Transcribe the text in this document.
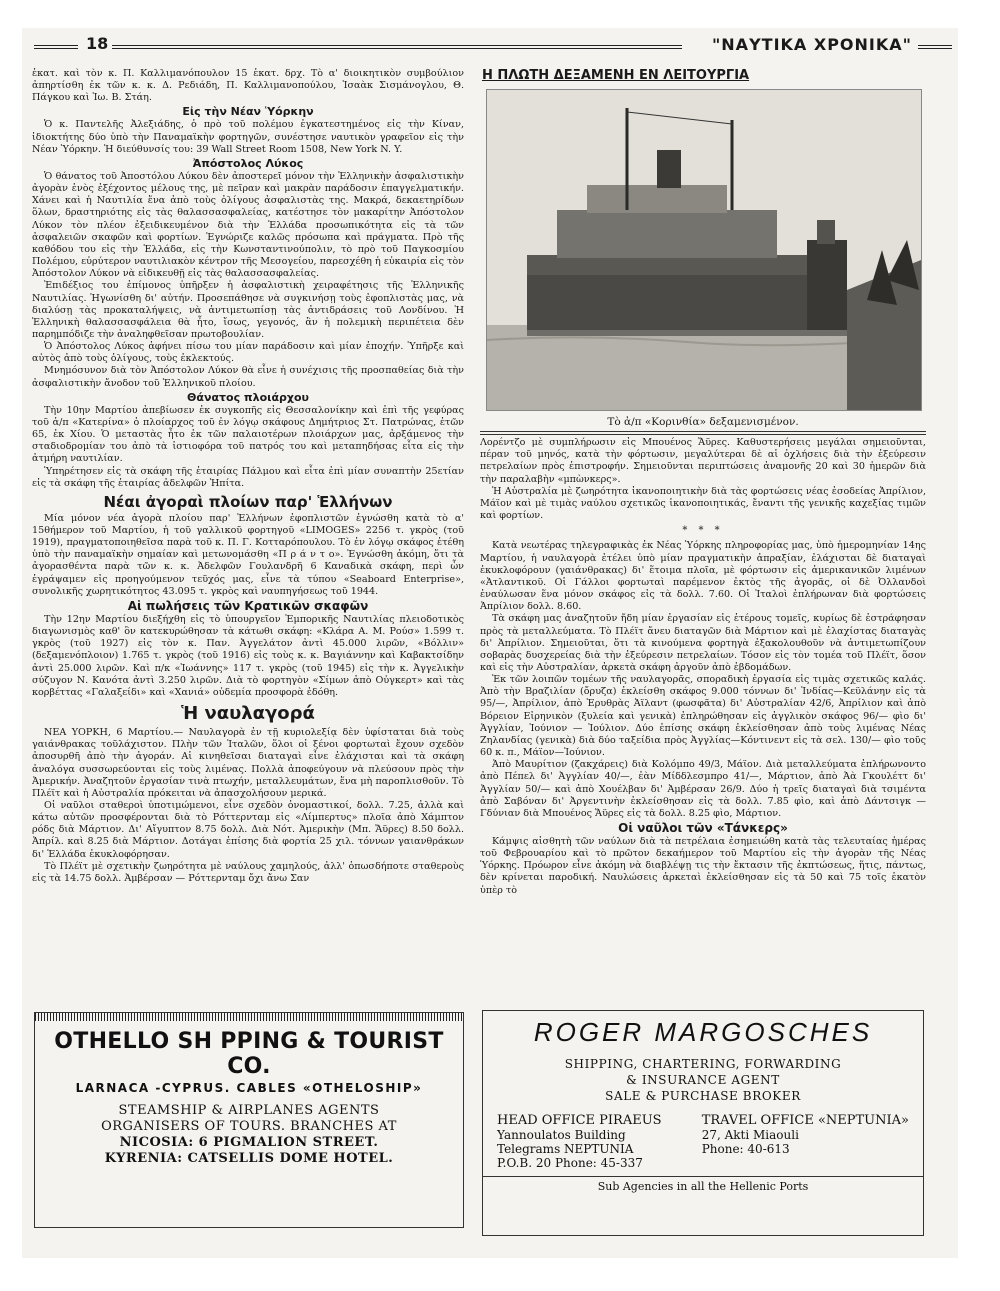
18	"ΝΑΥΤΙΚΑ ΧΡΟΝΙΚΑ"

ἑκατ. καὶ τὸν κ. Π. Καλλιμανόπουλον 15 ἑκατ. δρχ. Τὸ α' διοικητικὸν συμβούλιον ἀπηρτίσθη ἐκ τῶν κ. κ. Δ. Ρεδιάδη, Π. Καλλιμανοπούλου, Ἰσαὰκ Σισμάνογλου, Θ. Πάγκου καὶ Ἰω. Β. Στάη.

Εἰς τὴν Νέαν Ὑόρκην

Ὁ κ. Παντελῆς Ἀλεξιάδης, ὁ πρὸ τοῦ πολέμου ἐγκατεστημένος εἰς τὴν Κίναν, ἰδιοκτήτης δύο ὑπὸ τὴν Παναμαϊκὴν φορτηγῶν, συνέστησε ναυτικὸν γραφεῖον εἰς τὴν Νέαν Ὑόρκην. Ἡ διεύθυνσίς του: 39 Wall Street Room 1508, New York N. Y.

Ἀπόστολος Λύκος

Ὁ θάνατος τοῦ Ἀποστόλου Λύκου δὲν ἀποστερεῖ μόνον τὴν Ἑλληνικὴν ἀσφαλιστικὴν ἀγορὰν ἑνὸς ἐξέχοντος μέλους της, μὲ πεῖραν καὶ μακρὰν παράδοσιν ἐπαγγελματικήν. Χάνει καὶ ἡ Ναυτιλία ἕνα ἀπὸ τοὺς ὀλίγους ἀσφαλιστὰς της. Μακρά, δεκαετηρίδων ὅλων, δραστηριότης εἰς τὰς θαλασσασφαλείας, κατέστησε τὸν μακαρίτην Ἀπόστολον Λύκον τὸν πλέον ἐξειδικευμένον διὰ τὴν Ἑλλάδα προσωπικότητα εἰς τὰ τῶν ἀσφαλειῶν σκαφῶν καὶ φορτίων. Ἐγνώριζε καλῶς πρόσωπα καὶ πράγματα. Πρὸ τῆς καθόδου του εἰς τὴν Ἑλλάδα, εἰς τὴν Κωνσταντινούπολιν, τὸ πρὸ τοῦ Παγκοσμίου Πολέμου, εὐρύτερον ναυτιλιακὸν κέντρον τῆς Μεσογείου, παρεσχέθη ἡ εὐκαιρία εἰς τὸν Ἀπόστολον Λύκον νὰ εἰδικευθῇ εἰς τὰς θαλασσασφαλείας.

Ἐπιδέξιος του ἐπίμονος ὑπῆρξεν ἡ ἀσφαλιστικὴ χειραφέτησις τῆς Ἑλληνικῆς Ναυτιλίας. Ἠγωνίσθη δι' αὐτήν. Προσεπάθησε νὰ συγκινήσῃ τοὺς ἐφοπλιστὰς μας, νὰ διαλύσῃ τὰς προκαταλήψεις, νὰ ἀντιμετωπίσῃ τὰς ἀντιδράσεις τοῦ Λονδίνου. Ἡ Ἑλληνικὴ θαλασσασφάλεια θὰ ἦτο, ἴσως, γεγονός, ἂν ἡ πολεμικὴ περιπέτεια δὲν παρημπόδιζε τὴν ἀναληφθεῖσαν πρωτοβουλίαν.

Ὁ Ἀπόστολος Λύκος ἀφήνει πίσω του μίαν παράδοσιν καὶ μίαν ἐποχήν. Ὑπῆρξε καὶ αὐτὸς ἀπὸ τοὺς ὀλίγους, τοὺς ἐκλεκτούς.

Μνημόσυνον διὰ τὸν Ἀπόστολον Λύκον θὰ εἶνε ἡ συνέχισις τῆς προσπαθείας διὰ τὴν ἀσφαλιστικὴν ἄνοδον τοῦ Ἑλληνικοῦ πλοίου.

Θάνατος πλοιάρχου

Τὴν 10ην Μαρτίου ἀπεβίωσεν ἐκ συγκοπῆς εἰς Θεσσαλονίκην καὶ ἐπὶ τῆς γεφύρας τοῦ ἀ/π «Κατερίνα» ὁ πλοίαρχος τοῦ ἐν λόγῳ σκάφους Δημήτριος Στ. Πατρώνας, ἐτῶν 65, ἐκ Χίου. Ὁ μεταστὰς ἦτο ἐκ τῶν παλαιοτέρων πλοιάρχων μας, ἀρξάμενος τὴν σταδιοδρομίαν του ἀπὸ τὰ ἱστιοφόρα τοῦ πατρός του καὶ μεταπηδήσας εἶτα εἰς τὴν ἀτμήρη ναυτιλίαν.

Ὑπηρέτησεν εἰς τὰ σκάφη τῆς ἑταιρίας Πάλμου καὶ εἶτα ἐπὶ μίαν συναπτὴν 25ετίαν εἰς τὰ σκάφη τῆς ἑταιρίας ἀδελφῶν Ἠπίτα.

Νέαι ἀγοραὶ πλοίων παρ' Ἑλλήνων

Μία μόνον νέα ἀγορὰ πλοίου παρ' Ἑλλήνων ἐφοπλιστῶν ἐγνώσθη κατὰ τὸ α' 15θήμερον τοῦ Μαρτίου, ἡ τοῦ γαλλικοῦ φορτηγοῦ «LIMOGES» 2256 τ. γκρὸς (τοῦ 1919), πραγματοποιηθεῖσα παρὰ τοῦ κ. Π. Γ. Κοτταρόπουλου. Τὸ ἐν λόγῳ σκάφος ἐτέθη ὑπὸ τὴν παναμαϊκὴν σημαίαν καὶ μετωνομάσθη «Π ρ ά ν τ ο». Ἐγνώσθη ἀκόμη, ὅτι τὰ ἀγορασθέντα παρὰ τῶν κ. κ. Ἀδελφῶν Γουλανδρῆ 6 Καναδικὰ σκάφη, περὶ ὧν ἐγράψαμεν εἰς προηγούμενον τεῦχός μας, εἶνε τὰ τύπου «Seaboard Enterprise», συνολικῆς χωρητικότητος 43.095 τ. γκρὸς καὶ ναυπηγήσεως τοῦ 1944.

Αἱ πωλήσεις τῶν Κρατικῶν σκαφῶν

Τὴν 12ην Μαρτίου διεξήχθη εἰς τὸ ὑπουργεῖον Ἐμπορικῆς Ναυτιλίας πλειοδοτικὸς διαγωνισμὸς καθ' ὃν κατεκυρώθησαν τὰ κάτωθι σκάφη: «Κλάρα Α. Μ. Ρούσ» 1.599 τ. γκρὸς (τοῦ 1927) εἰς τὸν κ. Παν. Ἀγγελάτον ἀντὶ 45.000 λιρῶν, «Βόλλιν» (δεξαμενόπλοιον) 1.765 τ. γκρὸς (τοῦ 1916) εἰς τοὺς κ. κ. Βαγιάννην καὶ Καβακτσίδην ἀντὶ 25.000 λιρῶν. Καὶ π/κ «Ἰωάννης» 117 τ. γκρὸς (τοῦ 1945) εἰς τὴν κ. Ἀγγελικὴν σύζυγον Ν. Κανότα ἀντὶ 3.250 λιρῶν. Διὰ τὸ φορτηγὸν «Σίμων ἀπὸ Οὐγκερτ» καὶ τὰς κορβέττας «Γαλαξείδι» καὶ «Χανιά» οὐδεμία προσφορὰ ἐδόθη.

Ἡ ναυλαγορά

ΝΕΑ ΥΟΡΚΗ, 6 Μαρτίου.— Ναυλαγορὰ ἐν τῇ κυριολεξίᾳ δὲν ὑφίσταται διὰ τοὺς γαιάνθρακας τοῦλάχιστον. Πλὴν τῶν Ἰταλῶν, ὅλοι οἱ ξένοι φορτωταὶ ἔχουν σχεδὸν ἀποσυρθῆ ἀπὸ τὴν ἀγοράν. Αἱ κινηθεῖσαι διαταγαὶ εἶνε ἐλάχισται καὶ τὰ σκάφη ἀναλόγα συσσωρεύονται εἰς τοὺς λιμένας. Πολλὰ ἀποφεύγουν νὰ πλεύσουν πρὸς τὴν Ἀμερικήν. Ἀναζητοῦν ἐργασίαν τινὰ πτωχήν, μεταλλευμάτων, ἕνα μὴ παροπλισθοῦν. Τὸ Πλέϊτ καὶ ἡ Αὐστραλία πρόκειται νὰ ἀπασχολήσουν μερικά.

Οἱ ναῦλοι σταθεροὶ ὑποτιμώμενοι, εἶνε σχεδὸν ὀνομαστικοί, δολλ. 7.25, ἀλλὰ καὶ κάτω αὐτῶν προσφέρονται διὰ τὸ Ρόττερνταμ εἰς «Λίμπερτυς» πλοῖα ἀπὸ Χάμπτον ρόδς διὰ Μάρτιον. Δι' Αἴγυπτον 8.75 δολλ. Διὰ Νότ. Ἀμερικὴν (Μπ. Ἄϋρες) 8.50 δολλ. Ἀπρίλ. καὶ 8.25 διὰ Μάρτιον. Δοτάγαι ἐπίσης διὰ φορτία 25 χιλ. τόννων γαιανθράκων δι' Ἑλλάδα ἐκυκλοφόρησαν.

Τὸ Πλέϊτ μὲ σχετικὴν ζωηρότητα μὲ ναύλους χαμηλούς, ἀλλ' ὁπωσδήποτε σταθεροὺς εἰς τὰ 14.75 δολλ. Ἀμβέρσαν — Ρόττερνταμ ὄχι ἄνω Σαν

Η ΠΛΩΤΗ ΔΕΞΑΜΕΝΗ ΕΝ ΛΕΙΤΟΥΡΓΙΑ
Τὸ ἀ/π «Κορινθία» δεξαμενισμένον.

Λορέντζο μὲ συμπλήρωσιν εἰς Μπουένος Ἄϋρες. Καθυστερήσεις μεγάλαι σημειοῦνται, πέραν τοῦ μηνός, κατὰ τὴν φόρτωσιν, μεγαλύτεραι δὲ αἱ ὀχλήσεις διὰ τὴν ἐξεύρεσιν πετρελαίων πρὸς ἐπιστροφήν. Σημειοῦνται περιπτώσεις ἀναμονῆς 20 καὶ 30 ἡμερῶν διὰ τὴν παραλαβὴν «μπὼνκερς».

Ἡ Αὐστραλία μὲ ζωηρότητα ἱκανοποιητικὴν διὰ τὰς φορτώσεις νέας ἐσοδείας Ἀπρίλιον, Μάϊον καὶ μὲ τιμὰς ναύλου σχετικῶς ἱκανοποιητικάς, ἔναντι τῆς γενικῆς καχεξίας τιμῶν καὶ φορτίων.

* * *

Κατὰ νεωτέρας τηλεγραφικὰς ἐκ Νέας Ὑόρκης πληροφορίας μας, ὑπὸ ἡμερομηνίαν 14ης Μαρτίου, ἡ ναυλαγορὰ ἐτέλει ὑπὸ μίαν πραγματικὴν ἀπραξίαν, ἐλάχισται δὲ διαταγαὶ ἐκυκλοφόρουν (γαιάνθρακας) δι' ἕτοιμα πλοῖα, μὲ φόρτωσιν εἰς ἀμερικανικῶν λιμένων «Ἀτλαντικοῦ. Οἱ Γάλλοι φορτωταὶ παρέμενον ἐκτὸς τῆς ἀγορᾶς, οἱ δὲ Ὀλλανδοὶ ἐναύλωσαν ἕνα μόνον σκάφος εἰς τὰ δολλ. 7.60. Οἱ Ἰταλοὶ ἐπλήρωναν διὰ φορτώσεις Ἀπρίλιον δολλ. 8.60.

Τὰ σκάφη μας ἀναζητοῦν ἤδη μίαν ἐργασίαν εἰς ἑτέρους τομεῖς, κυρίως δὲ ἐστράφησαν πρὸς τὰ μεταλλεύματα. Τὸ Πλέϊτ ἄνευ διαταγῶν διὰ Μάρτιον καὶ μὲ ἐλαχίστας διαταγὰς δι' Ἀπρίλιον. Σημειοῦται, ὅτι τὰ κινούμενα φορτηγὰ ἐξακολουθοῦν νὰ ἀντιμετωπίζουν σοβαρὰς δυσχερείας διὰ τὴν ἐξεύρεσιν πετρελαίων. Τόσον εἰς τὸν τομέα τοῦ Πλέϊτ, ὅσον καὶ εἰς τὴν Αὐστραλίαν, ἀρκετὰ σκάφη ἀργοῦν ἀπὸ ἑβδομάδων.

Ἐκ τῶν λοιπῶν τομέων τῆς ναυλαγορᾶς, σποραδικὴ ἐργασία εἰς τιμὰς σχετικῶς καλάς. Ἀπὸ τὴν Βραζιλίαν (ὄρυζα) ἐκλείσθη σκάφος 9.000 τόννων δι' Ἰνδίας—Κεϋλάνην εἰς τὰ 95/—, Ἀπρίλιον, ἀπὸ Ἐρυθρὰς Ἀϊλαντ (φωσφᾶτα) δι' Αὐστραλίαν 42/6, Ἀπρίλιον καὶ ἀπὸ Βόρειον Εἰρηνικὸν (ξυλεία καὶ γενικὰ) ἐπληρώθησαν εἰς ἀγγλικὸν σκάφος 96/— φὶο δι' Ἀγγλίαν, Ἰούνιον — Ἰούλιον. Δύο ἐπίσης σκάφη ἐκλείσθησαν ἀπὸ τοὺς λιμένας Νέας Ζηλανδίας (γενικὰ) διὰ δύο ταξείδια πρὸς Ἀγγλίας—Κόντινεντ εἰς τὰ σελ. 130/— φὶο τοῦς 60 κ. π., Μάϊον—Ἰούνιον.

Ἀπὸ Μαυρίτιον (ζακχάρεις) διὰ Κολόμπο 49/3, Μάϊον. Διὰ μεταλλεύματα ἐπλήρωνοντο ἀπὸ Πέπελ δι' Ἀγγλίαν 40/—, ἐὰν Μίδδλεσμπρο 41/—, Μάρτιον, ἀπὸ Ἀὰ Γκουλέττ δι' Ἀγγλίαν 50/— καὶ ἀπὸ Χουέλβαν δι' Ἀμβέρσαν 26/9. Δύο ἡ τρεῖς διαταγαὶ διὰ τσιμέντα ἀπὸ Σαβόναν δι' Ἀργεντινὴν ἐκλείσθησαν εἰς τὰ δολλ. 7.85 φὶο, καὶ ἀπὸ Δάντσιγκ — Γδύνιαν διὰ Μπουένος Ἄϋρες εἰς τὰ δολλ. 8.25 φὶο, Μάρτιον.

Οἱ ναῦλοι τῶν «Τάνκερς»

Κάμψις αἰσθητὴ τῶν ναύλων διὰ τὰ πετρέλαια ἐσημειώθη κατὰ τὰς τελευταίας ἡμέρας τοῦ Φεβρουαρίου καὶ τὸ πρῶτον δεκαήμερον τοῦ Μαρτίου εἰς τὴν ἀγορὰν τῆς Νέας Ὑόρκης. Πρόωρον εἶνε ἀκόμη νὰ διαβλέψῃ τις τὴν ἔκτασιν τῆς ἐκπτώσεως, ἥτις, πάντως, δὲν κρίνεται παροδική. Ναυλώσεις ἀρκεταὶ ἐκλείσθησαν εἰς τὰ 50 καὶ 75 τοῖς ἑκατὸν ὑπὲρ τὸ

OTHELLO SH PPING & TOURIST CO.
LARNACA -CYPRUS. CABLES «OTHELOSHIP»
STEAMSHIP & AIRPLANES AGENTS
ORGANISERS OF TOURS. BRANCHES AT
NICOSIA: 6 PIGMALION STREET.
KYRENIA: CATSELLIS DOME HOTEL.
ROGER MARGOSCHES
SHIPPING, CHARTERING, FORWARDING
& INSURANCE AGENT
SALE & PURCHASE BROKER
HEAD OFFICE PIRAEUS
Yannoulatos Building
Telegrams NEPTUNIA
P.O.B. 20 Phone: 45-337
TRAVEL OFFICE «NEPTUNIA»
27, Akti Miaouli
Phone: 40-613
Sub Agencies in all the Hellenic Ports
